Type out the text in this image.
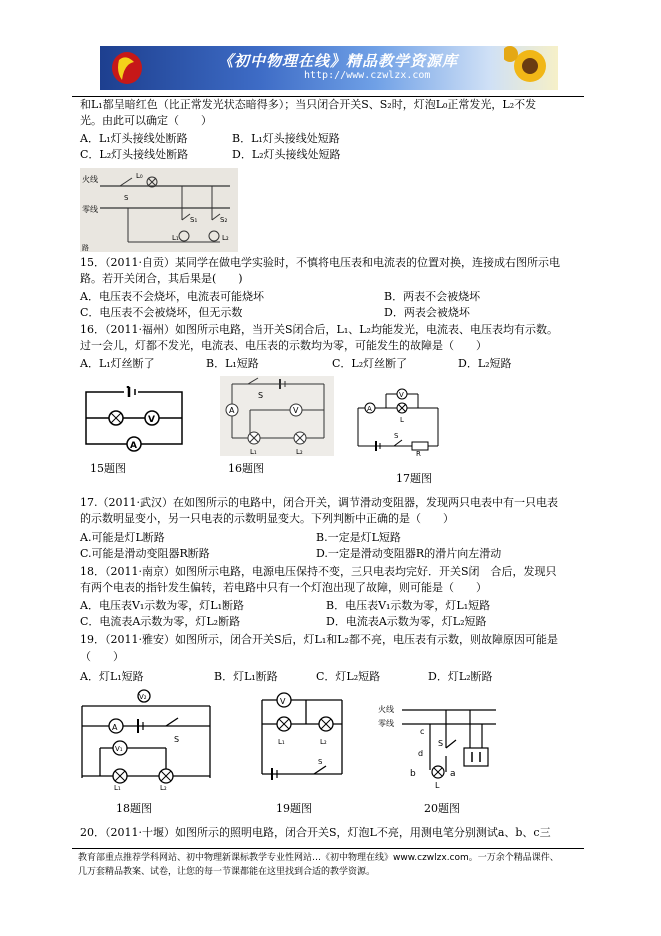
《初中物理在线》精品教学资源库
http://www.czwlzx.com
和L₁都呈暗红色（比正常发光状态暗得多）；当只闭合开关S、S₂时，灯泡L₀正常发光，L₂不发
光。由此可以确定（　　）
A．L₁灯头接线处断路	B．L₁灯头接线处短路
C．L₂灯头接线处断路	D．L₂灯头接线处短路
火线
零线
L₀
S
S₁	S₂
L₁	L₂
路
15．（2011·自贡）某同学在做电学实验时，不慎将电压表和电流表的位置对换，连接成右图所示电
路。若开关闭合，其后果是(　　)
A．电压表不会烧坏，电流表可能烧坏	B．两表不会被烧坏
C．电压表不会被烧坏，但无示数	D．两表会被烧坏
16．（2011·福州）如图所示电路，当开关S闭合后，L₁、L₂均能发光，电流表、电压表均有示数。
过一会儿，灯都不发光，电流表、电压表的示数均为零，可能发生的故障是（　　）
A．L₁灯丝断了	B．L₁短路	C．L₂灯丝断了	D．L₂短路
V
A
15题图
S
A	V
L₁	L₂
16题图
V
A
L
S
R
17题图
17.（2011·武汉）在如图所示的电路中，闭合开关，调节滑动变阻器，发现两只电表中有一只电表
的示数明显变小，另一只电表的示数明显变大。下列判断中正确的是（　　）
A.可能是灯L断路	B.一定是灯L短路
C.可能是滑动变阻器R断路	D.一定是滑动变阻器R的滑片向左滑动
18．（2011·南京）如图所示电路，电源电压保持不变，三只电表均完好．开关S闭　合后，发现只
有两个电表的指针发生偏转，若电路中只有一个灯泡出现了故障，则可能是（　　）
A．电压表V₁示数为零，灯L₁断路	B．电压表V₁示数为零，灯L₁短路
C．电流表A示数为零，灯L₂断路	D．电流表A示数为零，灯L₂短路
19．（2011·雅安）如图所示，闭合开关S后，灯L₁和L₂都不亮，电压表有示数，则故障原因可能是
（　　）
A．灯L₁短路	B．灯L₁断路	C．灯L₂短路	D．灯L₂断路
V₂
A
S
V₁
L₁	L₂
18题图
V
L₁	L₂
S
19题图
火线
零线
c
S
d
b
L
a
20题图
20．（2011·十堰）如图所示的照明电路，闭合开关S，灯泡L不亮，用测电笔分别测试a、b、c三
教育部重点推荐学科网站、初中物理新课标教学专业性网站…《初中物理在线》www.czwlzx.com。一万余个精品课件、
几万套精品教案、试卷，让您的每一节课都能在这里找到合适的教学资源。
